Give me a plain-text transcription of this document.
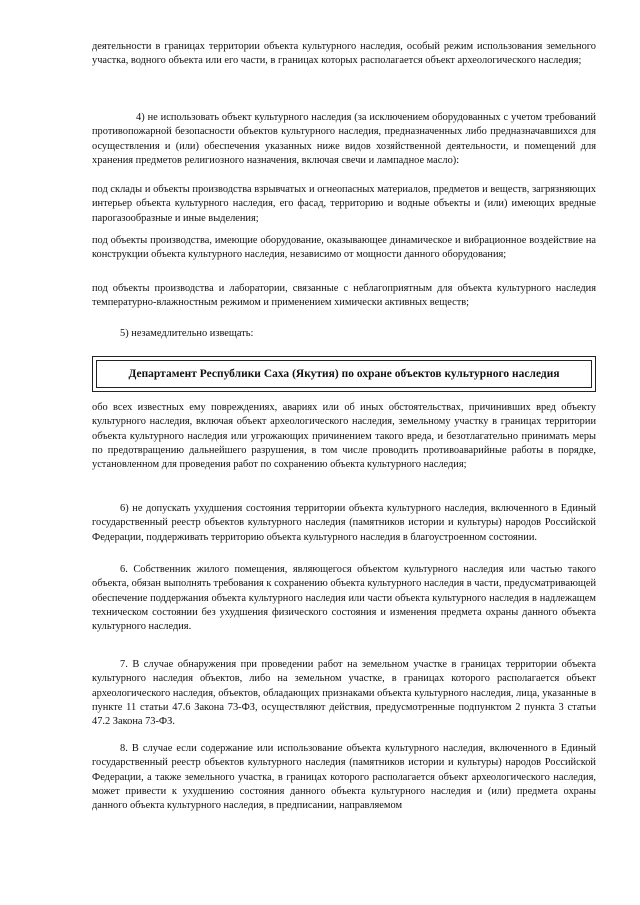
деятельности в границах территории объекта культурного наследия, особый режим использования земельного участка, водного объекта или его части, в границах которых располагается объект археологического наследия;

4) не использовать объект культурного наследия (за исключением оборудованных с учетом требований противопожарной безопасности объектов культурного наследия, предназначенных либо предназначавшихся для осуществления и (или) обеспечения указанных ниже видов хозяйственной деятельности, и помещений для хранения предметов религиозного назначения, включая свечи и лампадное масло):

под склады и объекты производства взрывчатых и огнеопасных материалов, предметов и веществ, загрязняющих интерьер объекта культурного наследия, его фасад, территорию и водные объекты и (или) имеющих вредные парогазообразные и иные выделения;

под объекты производства, имеющие оборудование, оказывающее динамическое и вибрационное воздействие на конструкции объекта культурного наследия, независимо от мощности данного оборудования;

под объекты производства и лаборатории, связанные с неблагоприятным для объекта культурного наследия температурно-влажностным режимом и применением химически активных веществ;

5) незамедлительно извещать:

Департамент Республики Саха (Якутия) по охране объектов культурного наследия

обо всех известных ему повреждениях, авариях или об иных обстоятельствах, причинивших вред объекту культурного наследия, включая объект археологического наследия, земельному участку в границах территории объекта культурного наследия или угрожающих причинением такого вреда, и безотлагательно принимать меры по предотвращению дальнейшего разрушения, в том числе проводить противоаварийные работы в порядке, установленном для проведения работ по сохранению объекта культурного наследия;

6) не допускать ухудшения состояния территории объекта культурного наследия, включенного в Единый государственный реестр объектов культурного наследия (памятников истории и культуры) народов Российской Федерации, поддерживать территорию объекта культурного наследия в благоустроенном состоянии.

6. Собственник жилого помещения, являющегося объектом культурного наследия или частью такого объекта, обязан выполнять требования к сохранению объекта культурного наследия в части, предусматривающей обеспечение поддержания объекта культурного наследия или части объекта культурного наследия в надлежащем техническом состоянии без ухудшения физического состояния и изменения предмета охраны данного объекта культурного наследия.

7. В случае обнаружения при проведении работ на земельном участке в границах территории объекта культурного наследия объектов, либо на земельном участке, в границах которого располагается объект археологического наследия, объектов, обладающих признаками объекта культурного наследия, лица, указанные в пункте 11 статьи 47.6 Закона 73-ФЗ, осуществляют действия, предусмотренные подпунктом 2 пункта 3 статьи 47.2 Закона 73-ФЗ.

8. В случае если содержание или использование объекта культурного наследия, включенного в Единый государственный реестр объектов культурного наследия (памятников истории и культуры) народов Российской Федерации, а также земельного участка, в границах которого располагается объект археологического наследия, может привести к ухудшению состояния данного объекта культурного наследия и (или) предмета охраны данного объекта культурного наследия, в предписании, направляемом
